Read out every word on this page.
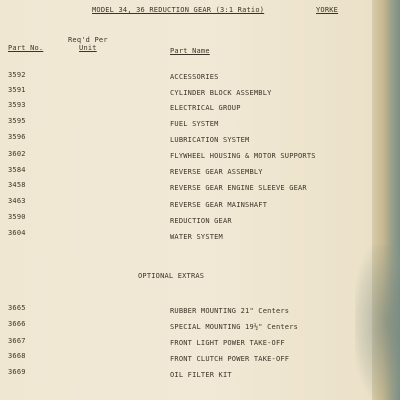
MODEL 34, 36 REDUCTION GEAR (3:1 Ratio)	YORKE
Part No.
Req'd Per
Unit	Part Name
3592	ACCESSORIES
3591	CYLINDER BLOCK ASSEMBLY
3593	ELECTRICAL GROUP
3595	FUEL SYSTEM
3596	LUBRICATION SYSTEM
3602	FLYWHEEL HOUSING & MOTOR SUPPORTS
3584	REVERSE GEAR ASSEMBLY
3458	REVERSE GEAR ENGINE SLEEVE GEAR
3463	REVERSE GEAR MAINSHAFT
3590	REDUCTION GEAR
3604	WATER SYSTEM
OPTIONAL EXTRAS
3665	RUBBER MOUNTING 21" Centers
3666	SPECIAL MOUNTING 19½" Centers
3667	FRONT LIGHT POWER TAKE-OFF
3668	FRONT CLUTCH POWER TAKE-OFF
3669	OIL FILTER KIT
